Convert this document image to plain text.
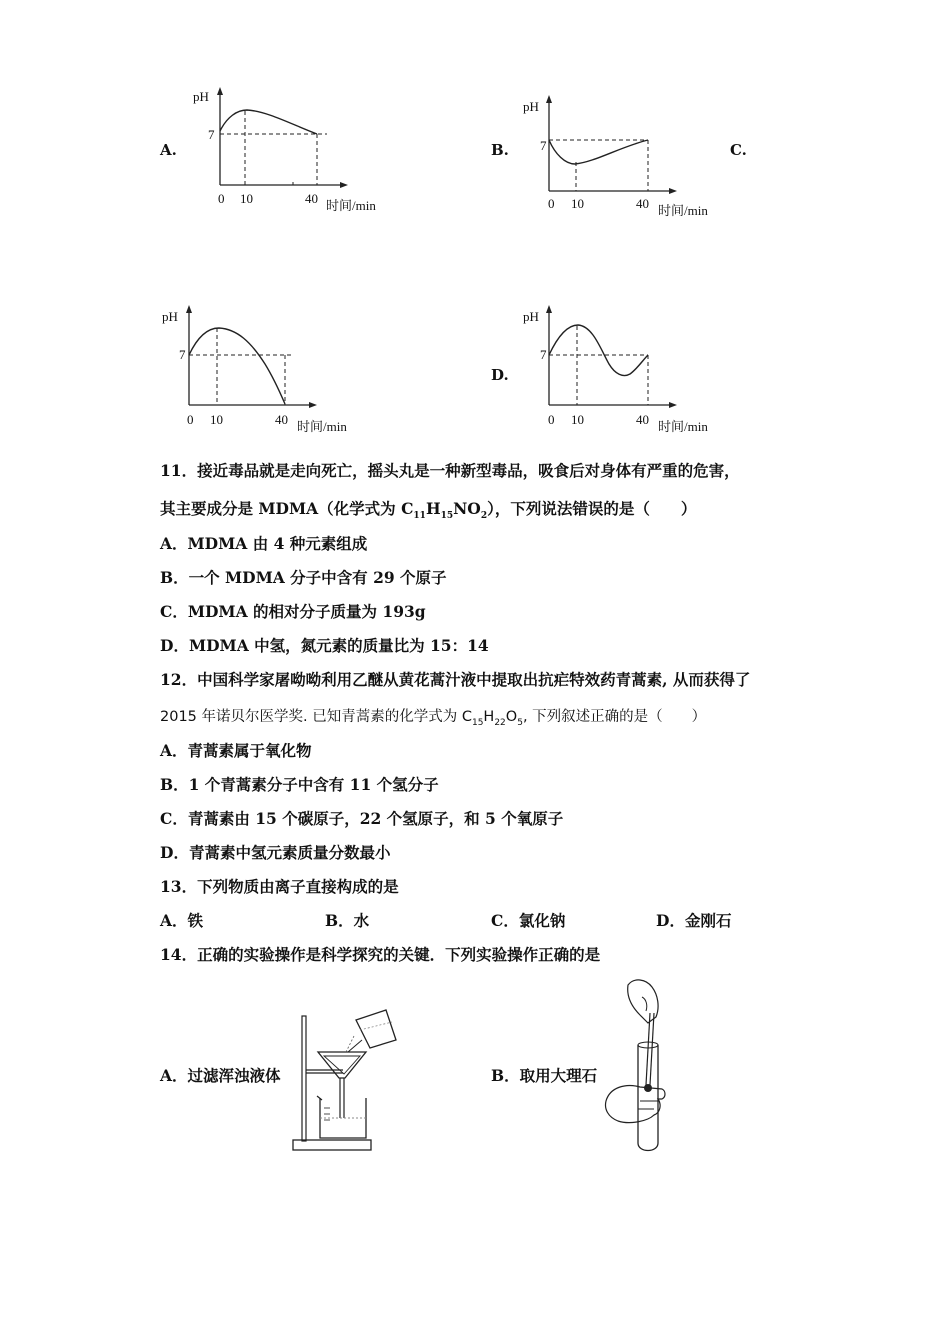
A.	B.	C.
D.
pH
7
0 10	40 时间/min
pH
7
0 10	40 时间/min
pH
7
0 10	40 时间/min
pH
7
0 10	40 时间/min
11．接近毒品就是走向死亡，摇头丸是一种新型毒品，吸食后对身体有严重的危害，
其主要成分是 MDMA（化学式为 $C_{11}H_{15}NO_2$），下列说法错误的是（　　）
A．MDMA 由 4 种元素组成
B．一个 MDMA 分子中含有 29 个原子
C．MDMA 的相对分子质量为 193g
D．MDMA 中氢，氮元素的质量比为 15：14
12．中国科学家屠呦呦利用乙醚从黄花蒿汁液中提取出抗疟特效药青蒿素, 从而获得了
2015 年诺贝尔医学奖. 已知青蒿素的化学式为 $C_{15}H_{22}O_5$, 下列叙述正确的是（　　）
A．青蒿素属于氧化物
B．1 个青蒿素分子中含有 11 个氢分子
C．青蒿素由 15 个碳原子，22 个氢原子，和 5 个氧原子
D．青蒿素中氢元素质量分数最小
13．下列物质由离子直接构成的是
A．铁	B．水	C．氯化钠	D．金刚石
14．正确的实验操作是科学探究的关键．下列实验操作正确的是
A．过滤浑浊液体	B．取用大理石
